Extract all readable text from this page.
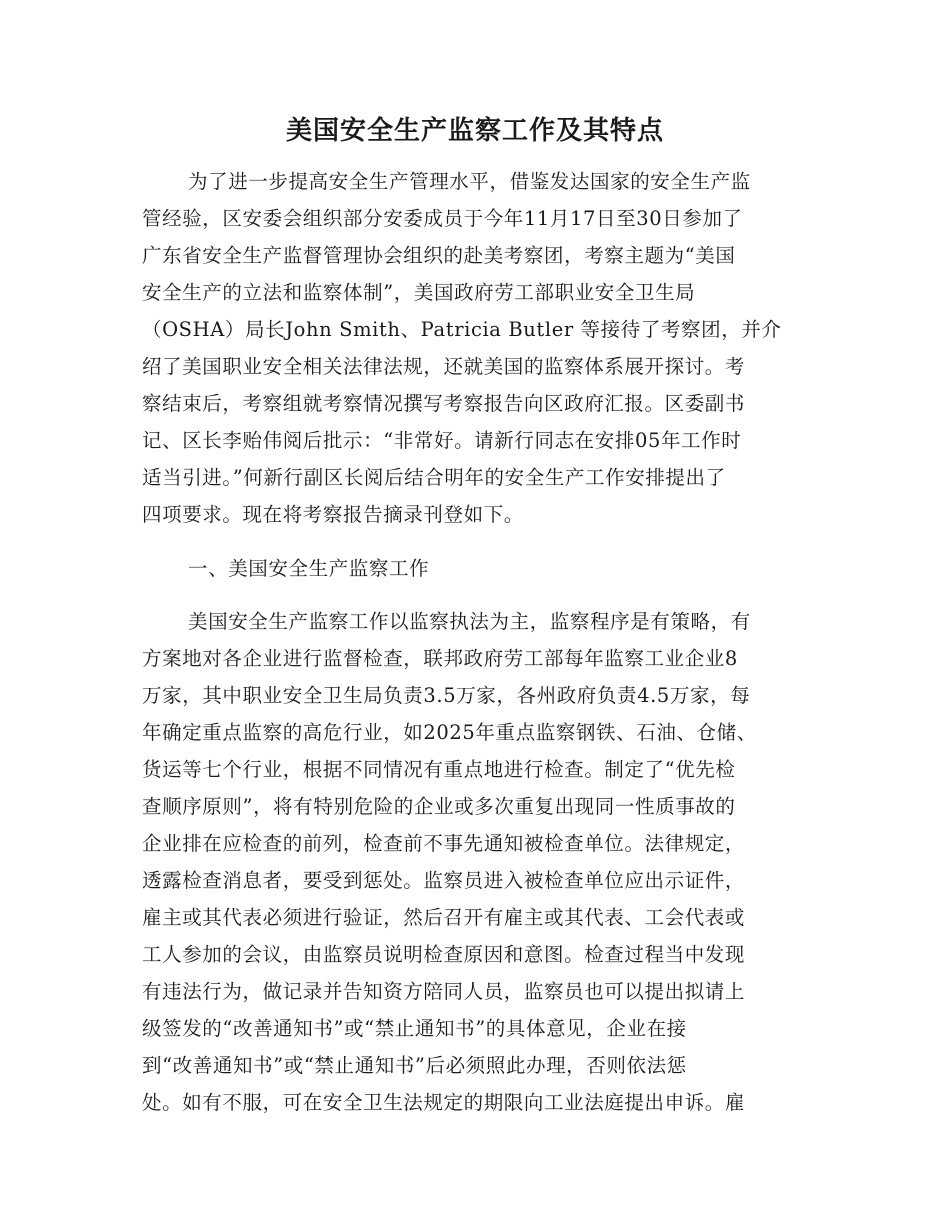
美国安全生产监察工作及其特点

为了进一步提高安全生产管理水平，借鉴发达国家的安全生产监

管经验，区安委会组织部分安委成员于今年11月17日至30日参加了

广东省安全生产监督管理协会组织的赴美考察团，考察主题为“美国

安全生产的立法和监察体制”，美国政府劳工部职业安全卫生局

（OSHA）局长John Smith、Patricia Butler 等接待了考察团，并介

绍了美国职业安全相关法律法规，还就美国的监察体系展开探讨。考

察结束后，考察组就考察情况撰写考察报告向区政府汇报。区委副书

记、区长李贻伟阅后批示：“非常好。请新行同志在安排05年工作时

适当引进。”何新行副区长阅后结合明年的安全生产工作安排提出了

四项要求。现在将考察报告摘录刊登如下。

一、美国安全生产监察工作

美国安全生产监察工作以监察执法为主，监察程序是有策略，有

方案地对各企业进行监督检查，联邦政府劳工部每年监察工业企业8

万家，其中职业安全卫生局负责3.5万家，各州政府负责4.5万家，每

年确定重点监察的高危行业，如2025年重点监察钢铁、石油、仓储、

货运等七个行业，根据不同情况有重点地进行检查。制定了“优先检

查顺序原则”，将有特别危险的企业或多次重复出现同一性质事故的

企业排在应检查的前列，检查前不事先通知被检查单位。法律规定，

透露检查消息者，要受到惩处。监察员进入被检查单位应出示证件，

雇主或其代表必须进行验证，然后召开有雇主或其代表、工会代表或

工人参加的会议，由监察员说明检查原因和意图。检查过程当中发现

有违法行为，做记录并告知资方陪同人员，监察员也可以提出拟请上

级签发的“改善通知书”或“禁止通知书”的具体意见，企业在接

到“改善通知书”或“禁止通知书”后必须照此办理，否则依法惩

处。如有不服，可在安全卫生法规定的期限向工业法庭提出申诉。雇
